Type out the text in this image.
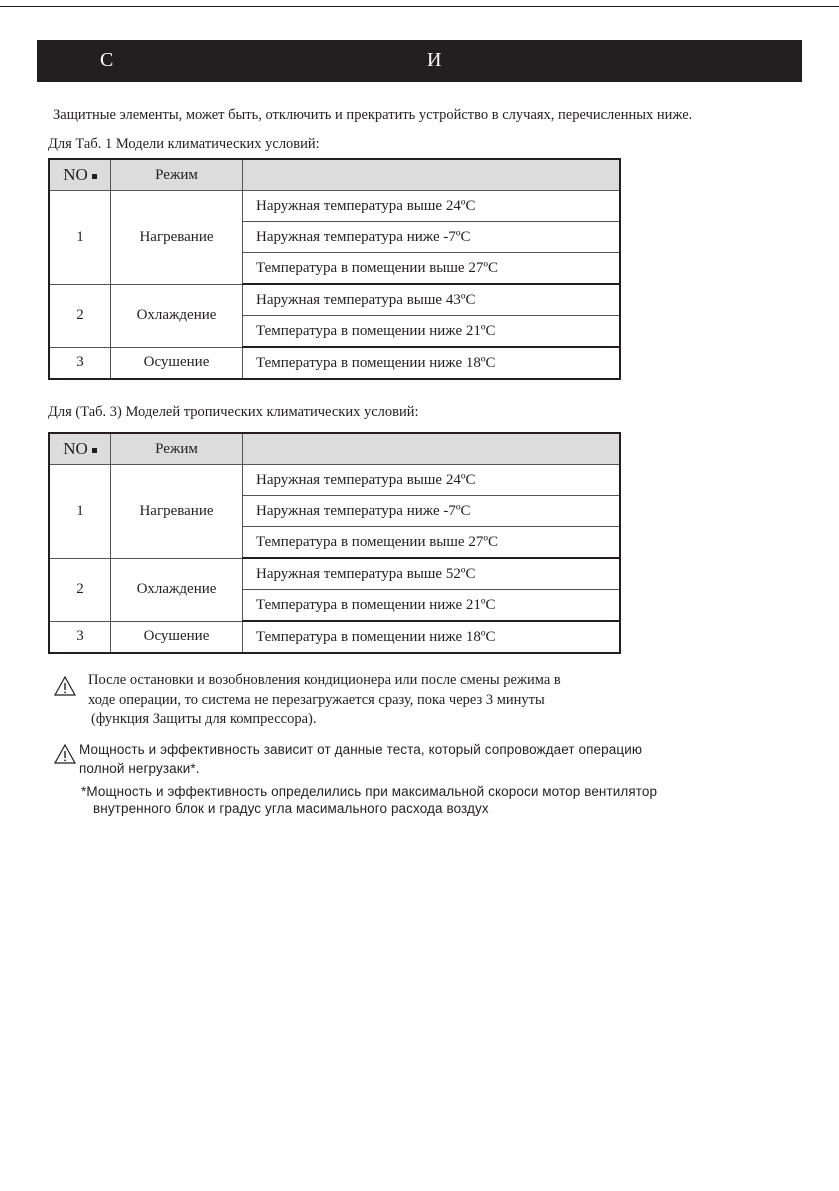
С	И
Защитные элементы, может быть, отключить и прекратить устройство в случаях, перечисленных ниже.
Для Таб. 1 Модели климатических условий:
NO	Режим	
1	Нагревание	Наружная температура выше 24ºC
		Наружная температура ниже -7ºC
		Температура в помещении выше 27ºC
2	Охлаждение	Наружная температура выше 43ºC
		Температура в помещении ниже 21ºC
3	Осушение	Температура в помещении ниже 18ºC
Для (Таб. 3) Моделей тропических климатических условий:
NO	Режим	
1	Нагревание	Наружная температура выше 24ºC
		Наружная температура ниже -7ºC
		Температура в помещении выше 27ºC
2	Охлаждение	Наружная температура выше 52ºC
		Температура в помещении ниже 21ºC
3	Осушение	Температура в помещении ниже 18ºC
После остановки и возобновления кондиционера или после смены режима в
ходе операции, то система не перезагружается сразу, пока через 3 минуты
(функция Защиты для компрессора).
Мощность и эффективность зависит от данные теста, который сопровождает операцию
полной негрузаки*.
*Мощность и эффективность определились при максимальной скороси мотор вентилятор
внутренного блок и градус угла масимального расхода воздух
